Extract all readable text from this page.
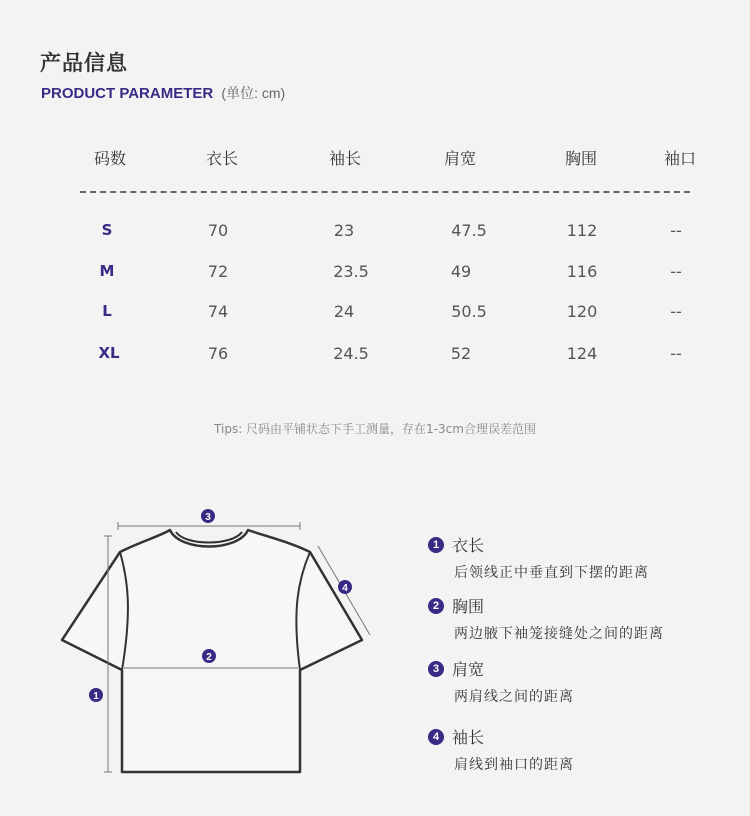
产品信息
PRODUCT PARAMETER (单位: cm)
码数	衣长	袖长	肩宽	胸围	袖口
S	70	23	47.5	112	--
M	72	23.5	49	116	--
L	74	24	50.5	120	--
XL	76	24.5	52	124	--
Tips: 尺码由平铺状态下手工测量，存在1-3cm合理误差范围
3
4
2
1
1 衣长
后领线正中垂直到下摆的距离
2 胸围
两边腋下袖笼接缝处之间的距离
3 肩宽
两肩线之间的距离
4 袖长
肩线到袖口的距离
